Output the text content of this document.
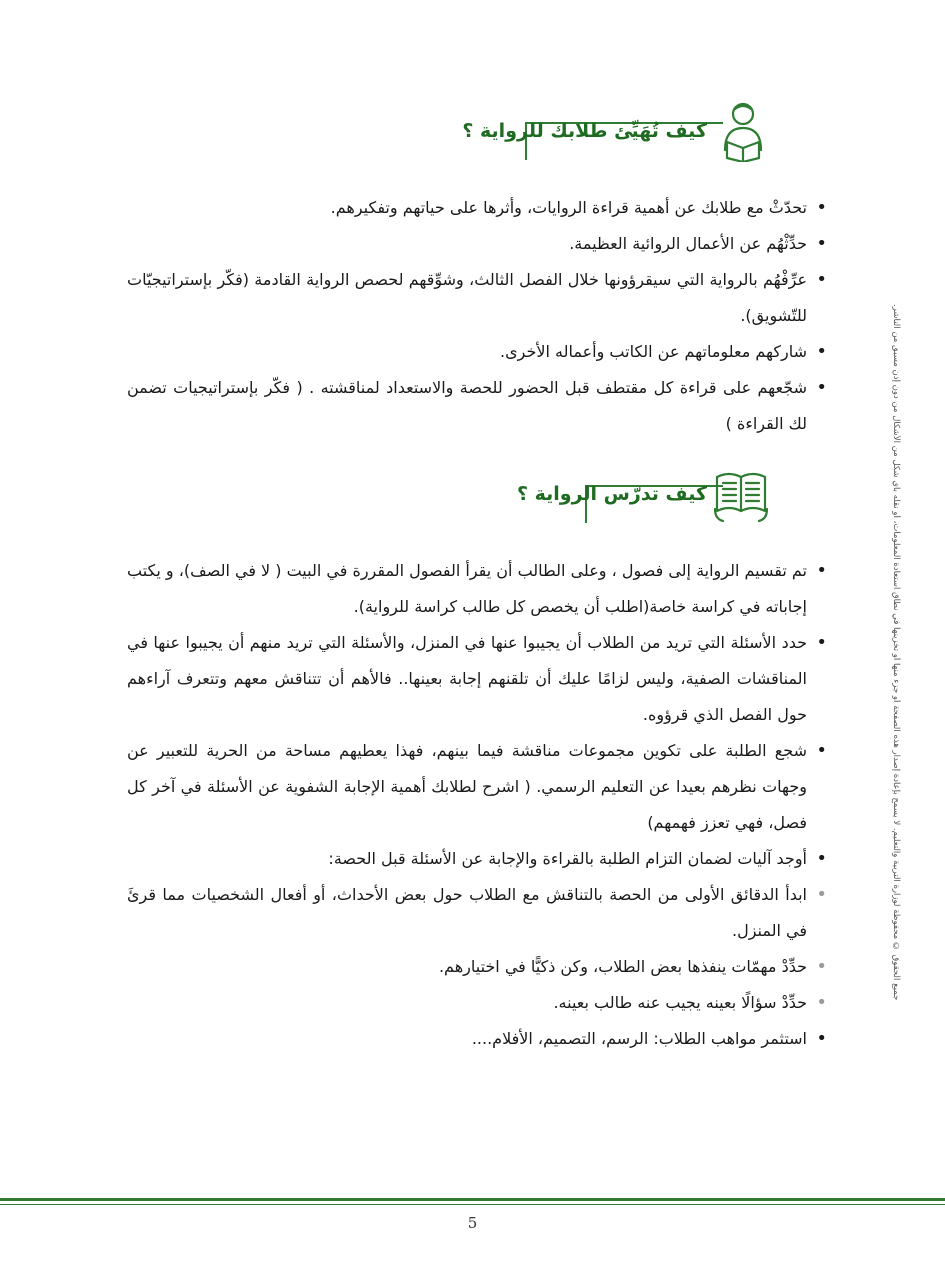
كيف تُهَيِّئ طلابك للرواية ؟
• تحدّثْ مع طلابك عن أهمية قراءة الروايات، وأثرها على حياتهم وتفكيرهم.
• حدِّثْهُم عن الأعمال الروائية العظيمة.
• عرِّفْهُم بالرواية التي سيقرؤونها خلال الفصل الثالث، وشوِّقهم لحصص الرواية القادمة (فكّر بإستراتيجيّات للتّشويق).
• شاركهم معلوماتهم عن الكاتب وأعماله الأخرى.
• شجّعهم على قراءة كل مقتطف قبل الحضور للحصة والاستعداد لمناقشته . ( فكّر بإستراتيجيات تضمن لك القراءة )
كيف تدرّس الرواية ؟
• تم تقسيم الرواية إلى فصول ، وعلى الطالب أن يقرأ الفصول المقررة في البيت ( لا في الصف)، و يكتب إجاباته في كراسة خاصة(اطلب أن يخصص كل طالب كراسة للرواية).
• حدد الأسئلة التي تريد من الطلاب أن يجيبوا عنها في المنزل، والأسئلة التي تريد منهم أن يجيبوا عنها في المناقشات الصفية، وليس لزامًا عليك أن تلقنهم إجابة بعينها.. فالأهم أن تتناقش معهم وتتعرف آراءهم حول الفصل الذي قرؤوه.
• شجع الطلبة على تكوين مجموعات مناقشة فيما بينهم، فهذا يعطيهم مساحة من الحرية للتعبير عن وجهات نظرهم بعيدا عن التعليم الرسمي. ( اشرح لطلابك أهمية الإجابة الشفوية عن الأسئلة في آخر كل فصل، فهي تعزز فهمهم)
• أوجد آليات لضمان التزام الطلبة بالقراءة والإجابة عن الأسئلة قبل الحصة:
• ابدأ الدقائق الأولى من الحصة بالتناقش مع الطلاب حول بعض الأحداث، أو أفعال الشخصيات مما قرئَ في المنزل.
• حدِّدْ مهمّات ينفذها بعض الطلاب، وكن ذكيًّا في اختيارهم.
• حدِّدْ سؤالًا بعينه يجيب عنه طالب بعينه.
• استثمر مواهب الطلاب: الرسم، التصميم، الأفلام....
جميع الحقوق © محفوظة لوزارة التربية والتعليم. لا يسمح بإعادة إصدار هذه الصفحة أو جزء منها أو تخزينها في نطاق استعادة المعلومات، أو نقله بأي شكل من الأشكال من دون إذن مسبق من الناشر.
5
